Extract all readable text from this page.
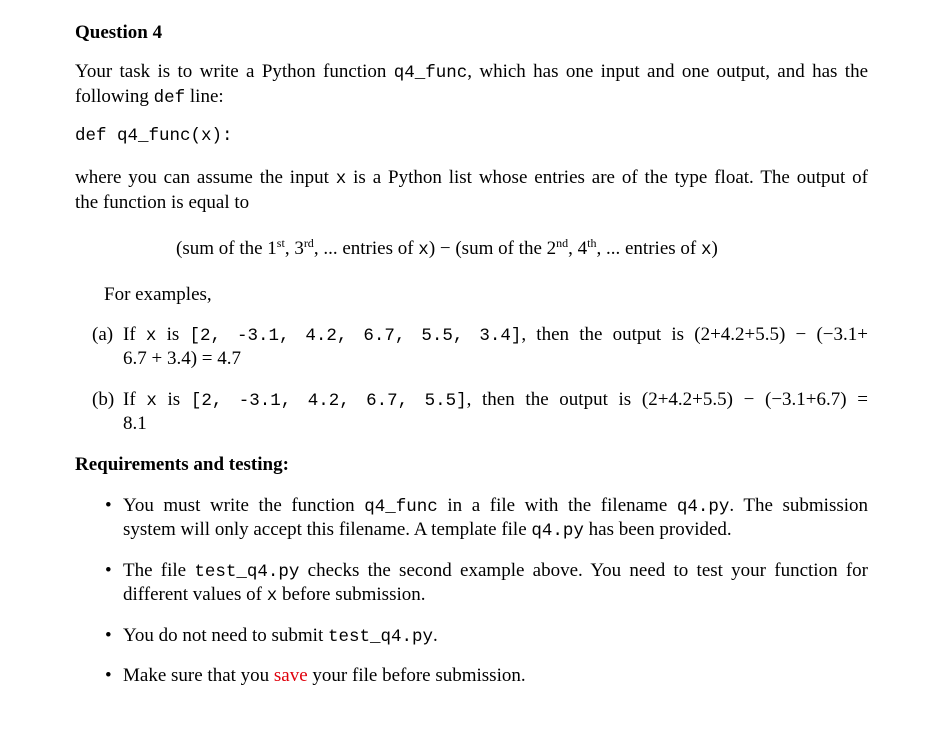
Question 4
Your task is to write a Python function q4_func, which has one input and one output, and has the
following def line:
def q4_func(x):
where you can assume the input x is a Python list whose entries are of the type float. The output of
the function is equal to
(sum of the 1st, 3rd, ... entries of x) − (sum of the 2nd, 4th, ... entries of x)
For examples,
(a) If x is [2, -3.1, 4.2, 6.7, 5.5, 3.4], then the output is (2+4.2+5.5) − (−3.1+
6.7 + 3.4) = 4.7
(b) If x is [2, -3.1, 4.2, 6.7, 5.5], then the output is (2+4.2+5.5) − (−3.1+6.7) =
8.1
Requirements and testing:
• You must write the function q4_func in a file with the filename q4.py. The submission
system will only accept this filename. A template file q4.py has been provided.
• The file test_q4.py checks the second example above. You need to test your function for
different values of x before submission.
• You do not need to submit test_q4.py.
• Make sure that you save your file before submission.
